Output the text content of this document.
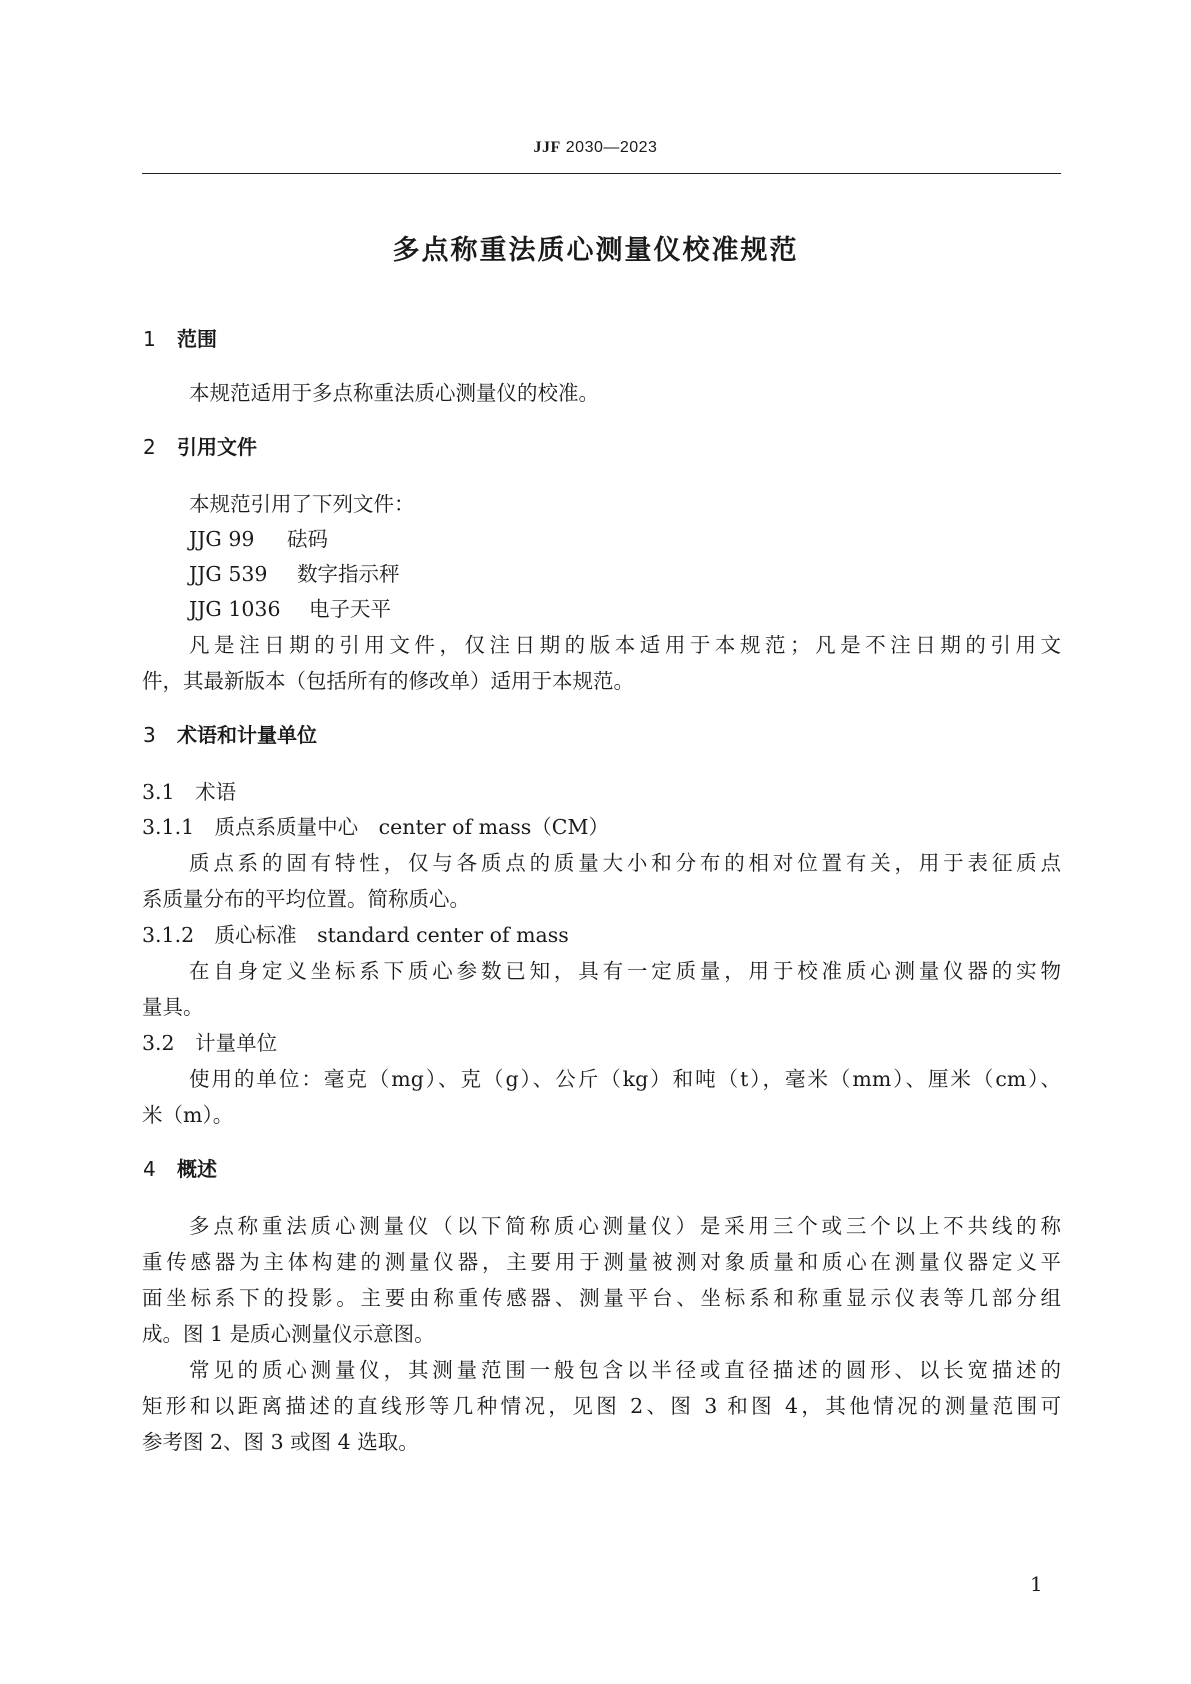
JJF 2030—2023
多点称重法质心测量仪校准规范
1 范围
本规范适用于多点称重法质心测量仪的校准。
2 引用文件
本规范引用了下列文件：
JJG 99 砝码
JJG 539 数字指示秤
JJG 1036 电子天平
凡是注日期的引用文件，仅注日期的版本适用于本规范；凡是不注日期的引用文
件，其最新版本（包括所有的修改单）适用于本规范。
3 术语和计量单位
3.1　术语
3.1.1　质点系质量中心　center of mass（CM）
质点系的固有特性，仅与各质点的质量大小和分布的相对位置有关，用于表征质点
系质量分布的平均位置。简称质心。
3.1.2　质心标准　standard center of mass
在自身定义坐标系下质心参数已知，具有一定质量，用于校准质心测量仪器的实物
量具。
3.2　计量单位
使用的单位：毫克（mg）、克（g）、公斤（kg）和吨（t），毫米（mm）、厘米（cm）、
米（m）。
4 概述
多点称重法质心测量仪（以下简称质心测量仪）是采用三个或三个以上不共线的称
重传感器为主体构建的测量仪器，主要用于测量被测对象质量和质心在测量仪器定义平
面坐标系下的投影。主要由称重传感器、测量平台、坐标系和称重显示仪表等几部分组
成。图 1 是质心测量仪示意图。
常见的质心测量仪，其测量范围一般包含以半径或直径描述的圆形、以长宽描述的
矩形和以距离描述的直线形等几种情况，见图 2、图 3 和图 4，其他情况的测量范围可
参考图 2、图 3 或图 4 选取。
1
